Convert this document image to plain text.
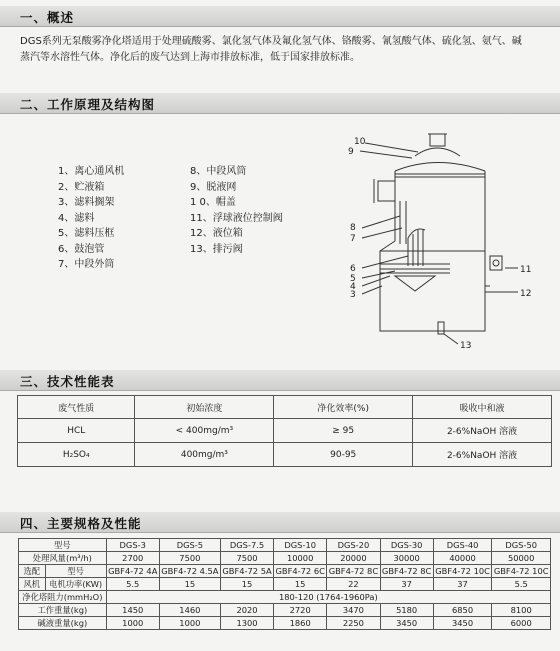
一、概述
DGS系列无泵酸雾净化塔适用于处理硫酸雾、氯化氢气体及氟化氢气体、铬酸雾、氰氢酸气体、硫化氢、氨气、碱
蒸汽等水溶性气体。净化后的废气达到上海市排放标准，低于国家排放标准。
二、工作原理及结构图
1、离心通风机
2、贮液箱
3、滤料搁架
4、滤料
5、滤料压框
6、鼓泡管
7、中段外筒
8、中段风筒
9、脱液网
1 0、帽盖
11、浮球液位控制阀
12、液位箱
13、排污阀
10
9
8
7
6
5
4
3
11
12
13
三、技术性能表
废气性质	初始浓度	净化效率(%)	吸收中和液
HCL	< 400mg/m³	≥ 95	2-6%NaOH 溶液
H₂SO₄	400mg/m³	90-95	2-6%NaOH 溶液
四、主要规格及性能
型号		DGS-3	DGS-5	DGS-7.5	DGS-10	DGS-20	DGS-30	DGS-40	DGS-50
处理风量(m³/h)		2700	7500	7500	10000	20000	30000	40000	50000
选配	型号	GBF4-72 4A	GBF4-72 4.5A	GBF4-72 5A	GBF4-72 6C	GBF4-72 8C	GBF4-72 8C	GBF4-72 10C	GBF4-72 10C
风机	电机功率(KW)	5.5	15	15	15	22	37	37	5.5
净化塔阻力(mmH₂O)		180-120 (1764-1960Pa)							
工作重量(kg)		1450	1460	2020	2720	3470	5180	6850	8100
碱液重量(kg)		1000	1000	1300	1860	2250	3450	3450	6000
